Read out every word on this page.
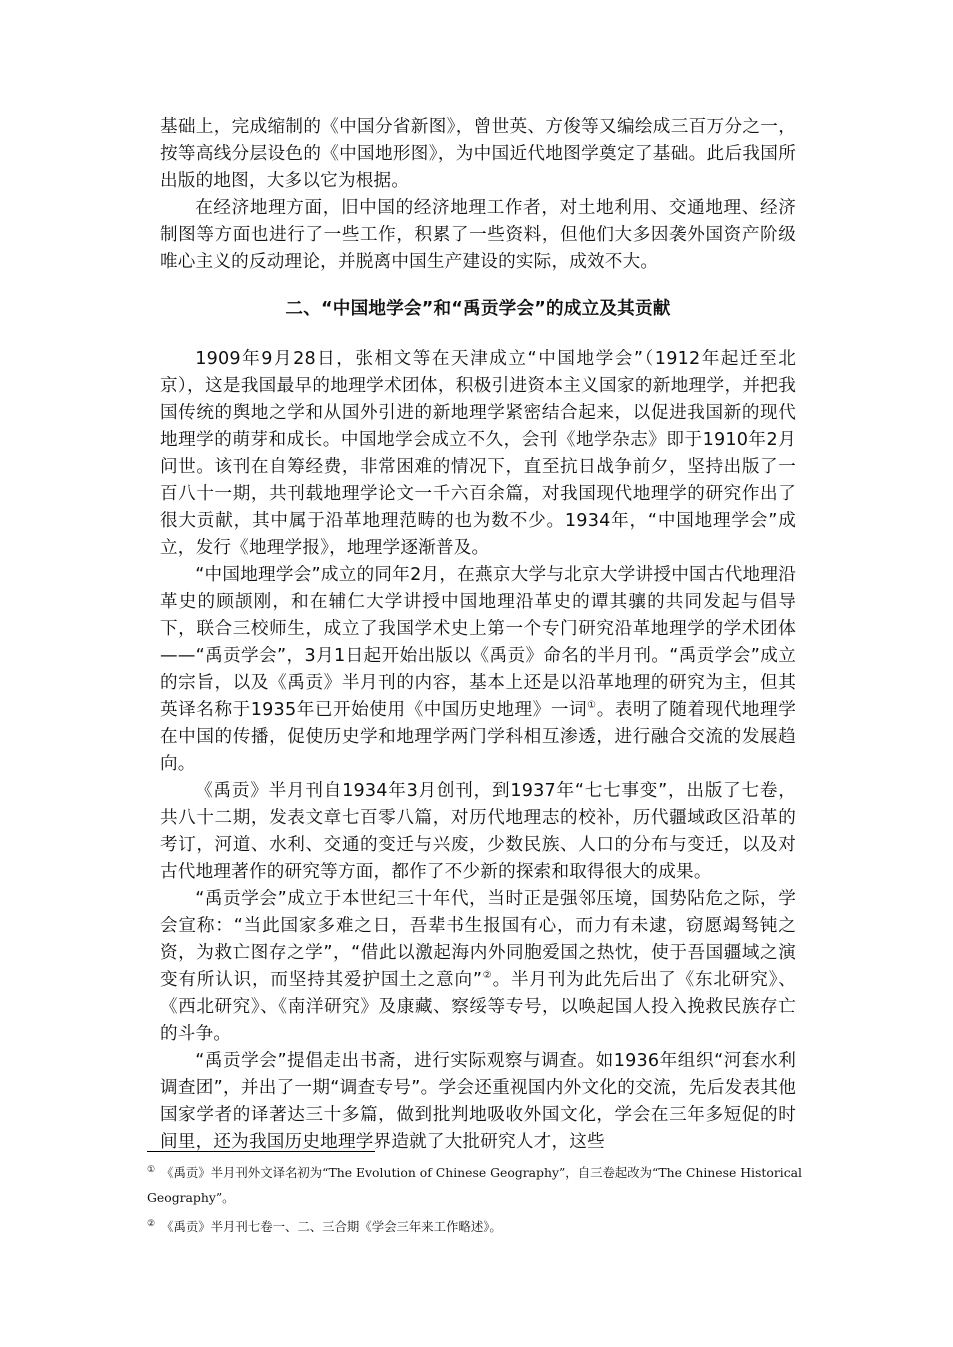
基础上，完成缩制的《中国分省新图》，曾世英、方俊等又编绘成三百万分之一，按等高线分层设色的《中国地形图》，为中国近代地图学奠定了基础。此后我国所出版的地图，大多以它为根据。

在经济地理方面，旧中国的经济地理工作者，对土地利用、交通地理、经济制图等方面也进行了一些工作，积累了一些资料，但他们大多因袭外国资产阶级唯心主义的反动理论，并脱离中国生产建设的实际，成效不大。

二、“中国地学会”和“禹贡学会”的成立及其贡献

1909年9月28日，张相文等在天津成立“中国地学会”（1912年起迁至北京），这是我国最早的地理学术团体，积极引进资本主义国家的新地理学，并把我国传统的舆地之学和从国外引进的新地理学紧密结合起来，以促进我国新的现代地理学的萌芽和成长。中国地学会成立不久，会刊《地学杂志》即于1910年2月问世。该刊在自筹经费，非常困难的情况下，直至抗日战争前夕，坚持出版了一百八十一期，共刊载地理学论文一千六百余篇，对我国现代地理学的研究作出了很大贡献，其中属于沿革地理范畴的也为数不少。1934年，“中国地理学会”成立，发行《地理学报》，地理学逐渐普及。

“中国地理学会”成立的同年2月，在燕京大学与北京大学讲授中国古代地理沿革史的顾颉刚，和在辅仁大学讲授中国地理沿革史的谭其骧的共同发起与倡导下，联合三校师生，成立了我国学术史上第一个专门研究沿革地理学的学术团体——“禹贡学会”，3月1日起开始出版以《禹贡》命名的半月刊。“禹贡学会”成立的宗旨，以及《禹贡》半月刊的内容，基本上还是以沿革地理的研究为主，但其英译名称于1935年已开始使用《中国历史地理》一词①。表明了随着现代地理学在中国的传播，促使历史学和地理学两门学科相互渗透，进行融合交流的发展趋向。

《禹贡》半月刊自1934年3月创刊，到1937年“七七事变”，出版了七卷，共八十二期，发表文章七百零八篇，对历代地理志的校补，历代疆域政区沿革的考订，河道、水利、交通的变迁与兴废，少数民族、人口的分布与变迁，以及对古代地理著作的研究等方面，都作了不少新的探索和取得很大的成果。

“禹贡学会”成立于本世纪三十年代，当时正是强邻压境，国势阽危之际，学会宣称：“当此国家多难之日，吾辈书生报国有心，而力有未逮，窃愿竭驽钝之资，为救亡图存之学”，“借此以激起海内外同胞爱国之热忱，使于吾国疆域之演变有所认识，而坚持其爱护国土之意向”②。半月刊为此先后出了《东北研究》、《西北研究》、《南洋研究》及康藏、察绥等专号，以唤起国人投入挽救民族存亡的斗争。

“禹贡学会”提倡走出书斋，进行实际观察与调查。如1936年组织“河套水利调查团”，并出了一期“调查专号”。学会还重视国内外文化的交流，先后发表其他国家学者的译著达三十多篇，做到批判地吸收外国文化，学会在三年多短促的时间里，还为我国历史地理学界造就了大批研究人才，这些

① 《禹贡》半月刊外文译名初为“The Evolution of Chinese Geography”，自三卷起改为“The Chinese Historical Geography”。
② 《禹贡》半月刊七卷一、二、三合期《学会三年来工作略述》。
